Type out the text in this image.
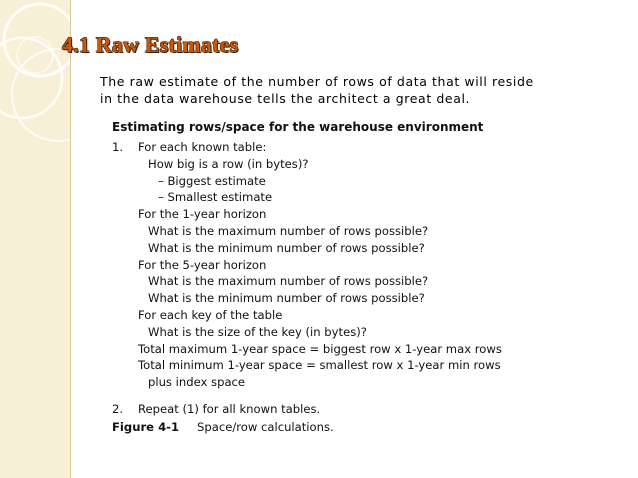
4.1 Raw Estimates
The raw estimate of the number of rows of data that will reside
in the data warehouse tells the architect a great deal.
Estimating rows/space for the warehouse environment
1. For each known table:
How big is a row (in bytes)?
– Biggest estimate
– Smallest estimate
For the 1-year horizon
What is the maximum number of rows possible?
What is the minimum number of rows possible?
For the 5-year horizon
What is the maximum number of rows possible?
What is the minimum number of rows possible?
For each key of the table
What is the size of the key (in bytes)?
Total maximum 1-year space = biggest row x 1-year max rows
Total minimum 1-year space = smallest row x 1-year min rows
plus index space
2. Repeat (1) for all known tables.
Figure 4-1 Space/row calculations.
